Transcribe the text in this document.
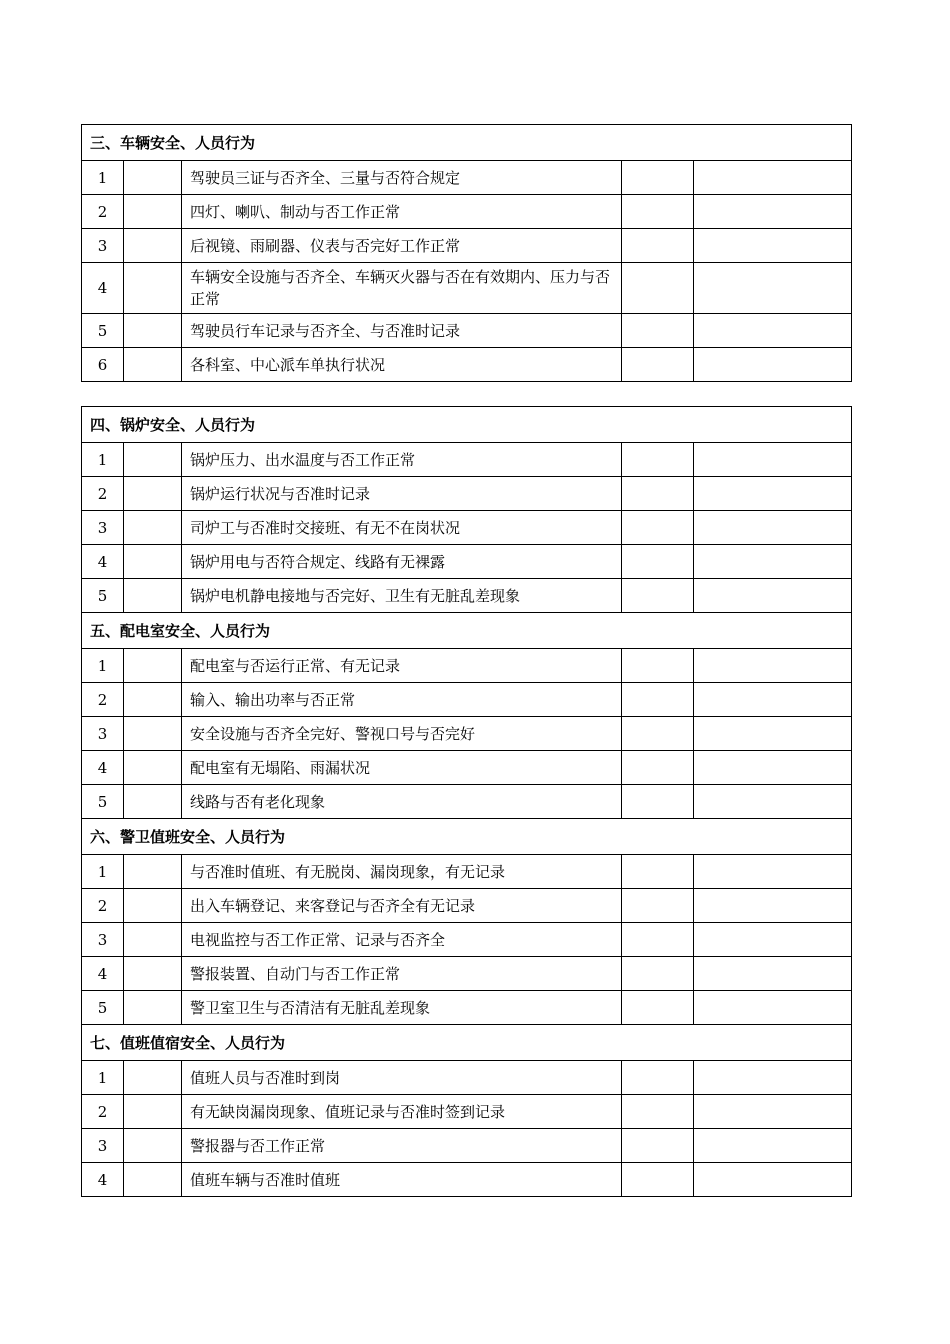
三、车辆安全、人员行为				
1		驾驶员三证与否齐全、三量与否符合规定		
2		四灯、喇叭、制动与否工作正常		
3		后视镜、雨刷器、仪表与否完好工作正常		
4		车辆安全设施与否齐全、车辆灭火器与否在有效期内、压力与否正常		
5		驾驶员行车记录与否齐全、与否准时记录		
6		各科室、中心派车单执行状况		
四、锅炉安全、人员行为				
1		锅炉压力、出水温度与否工作正常		
2		锅炉运行状况与否准时记录		
3		司炉工与否准时交接班、有无不在岗状况		
4		锅炉用电与否符合规定、线路有无裸露		
5		锅炉电机静电接地与否完好、卫生有无脏乱差现象		
五、配电室安全、人员行为				
1		配电室与否运行正常、有无记录		
2		输入、输出功率与否正常		
3		安全设施与否齐全完好、警视口号与否完好		
4		配电室有无塌陷、雨漏状况		
5		线路与否有老化现象		
六、警卫值班安全、人员行为				
1		与否准时值班、有无脱岗、漏岗现象，有无记录		
2		出入车辆登记、来客登记与否齐全有无记录		
3		电视监控与否工作正常、记录与否齐全		
4		警报装置、自动门与否工作正常		
5		警卫室卫生与否清洁有无脏乱差现象		
七、值班值宿安全、人员行为				
1		值班人员与否准时到岗		
2		有无缺岗漏岗现象、值班记录与否准时签到记录		
3		警报器与否工作正常		
4		值班车辆与否准时值班		
